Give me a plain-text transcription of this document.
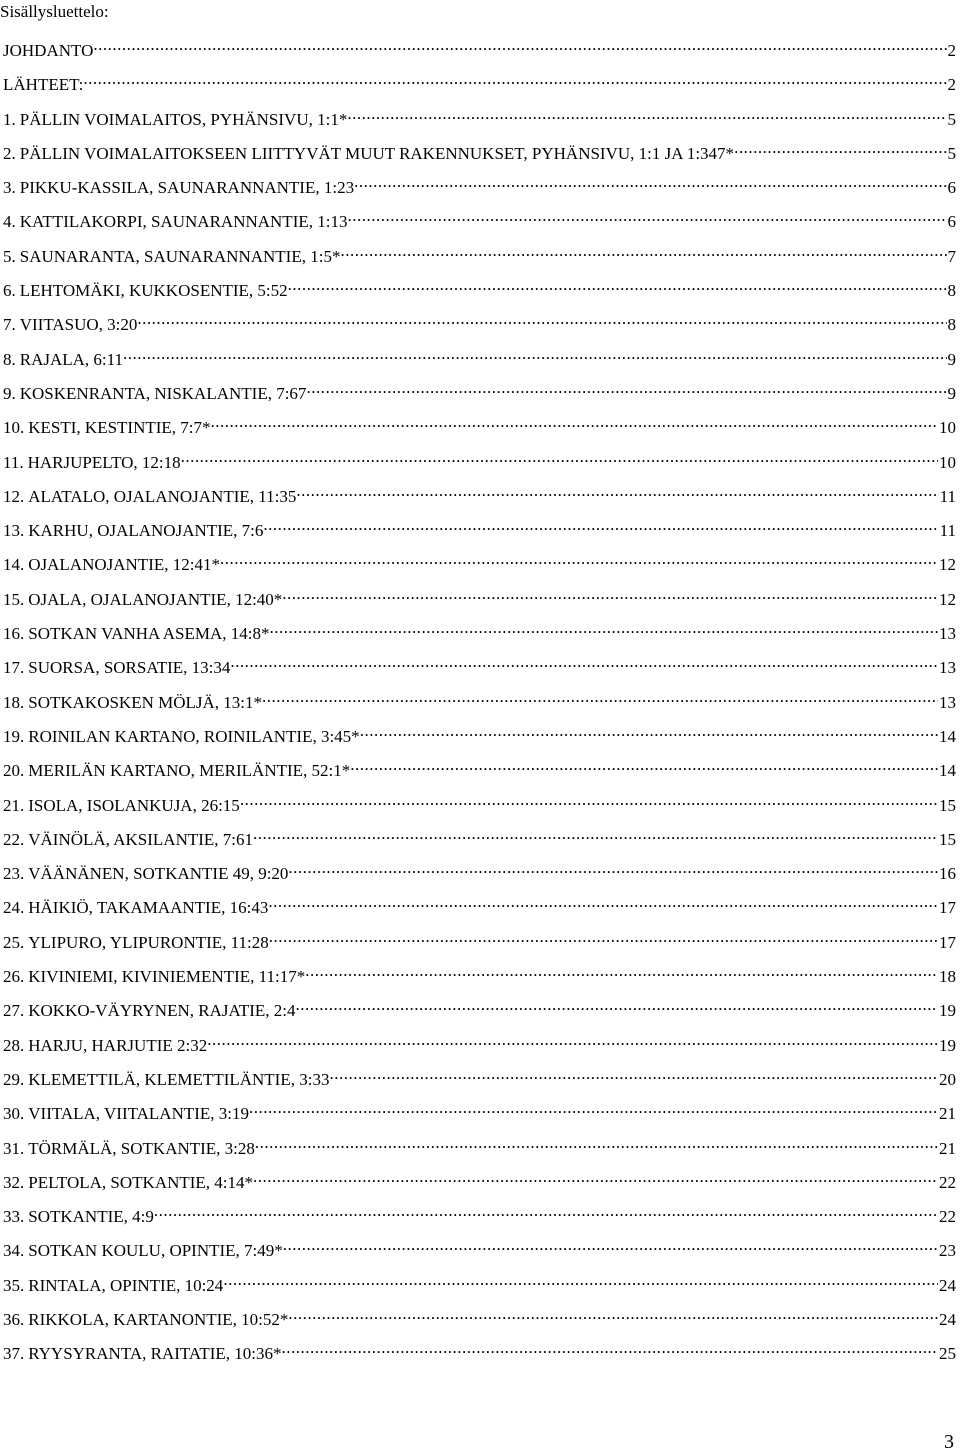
Sisällysluettelo:
JOHDANTO .....	2
LÄHTEET: .....	2
1. PÄLLIN VOIMALAITOS, PYHÄNSIVU, 1:1* .....	5
2. PÄLLIN VOIMALAITOKSEEN LIITTYVÄT MUUT RAKENNUKSET, PYHÄNSIVU, 1:1 JA 1:347* .....	5
3. PIKKU-KASSILA, SAUNARANNANTIE, 1:23 .....	6
4. KATTILAKORPI, SAUNARANNANTIE, 1:13 .....	6
5. SAUNARANTA, SAUNARANNANTIE, 1:5* .....	7
6. LEHTOMÄKI, KUKKOSENTIE, 5:52 .....	8
7. VIITASUO, 3:20 .....	8
8. RAJALA, 6:11 .....	9
9. KOSKENRANTA, NISKALANTIE, 7:67 .....	9
10. KESTI, KESTINTIE, 7:7* .....	10
11. HARJUPELTO, 12:18 .....	10
12. ALATALO, OJALANOJANTIE, 11:35 .....	11
13. KARHU, OJALANOJANTIE, 7:6 .....	11
14. OJALANOJANTIE, 12:41* .....	12
15. OJALA, OJALANOJANTIE, 12:40* .....	12
16. SOTKAN VANHA ASEMA, 14:8* .....	13
17. SUORSA, SORSATIE, 13:34 .....	13
18. SOTKAKOSKEN MÖLJÄ, 13:1* .....	13
19. ROINILAN KARTANO, ROINILANTIE, 3:45* .....	14
20. MERILÄN KARTANO, MERILÄNTIE, 52:1* .....	14
21. ISOLA, ISOLANKUJA, 26:15 .....	15
22. VÄINÖLÄ, AKSILANTIE, 7:61 .....	15
23. VÄÄNÄNEN, SOTKANTIE 49, 9:20 .....	16
24. HÄIKIÖ, TAKAMAANTIE, 16:43 .....	17
25. YLIPURO, YLIPURONTIE, 11:28 .....	17
26. KIVINIEMI, KIVINIEMENTIE, 11:17* .....	18
27. KOKKO-VÄYRYNEN, RAJATIE, 2:4 .....	19
28. HARJU, HARJUTIE 2:32 .....	19
29. KLEMETTILÄ, KLEMETTILÄNTIE, 3:33 .....	20
30. VIITALA, VIITALANTIE, 3:19 .....	21
31. TÖRMÄLÄ, SOTKANTIE, 3:28 .....	21
32. PELTOLA, SOTKANTIE, 4:14* .....	22
33. SOTKANTIE, 4:9 .....	22
34. SOTKAN KOULU, OPINTIE, 7:49* .....	23
35. RINTALA, OPINTIE, 10:24 .....	24
36. RIKKOLA, KARTANONTIE, 10:52* .....	24
37. RYYSYRANTA, RAITATIE, 10:36* .....	25
3
